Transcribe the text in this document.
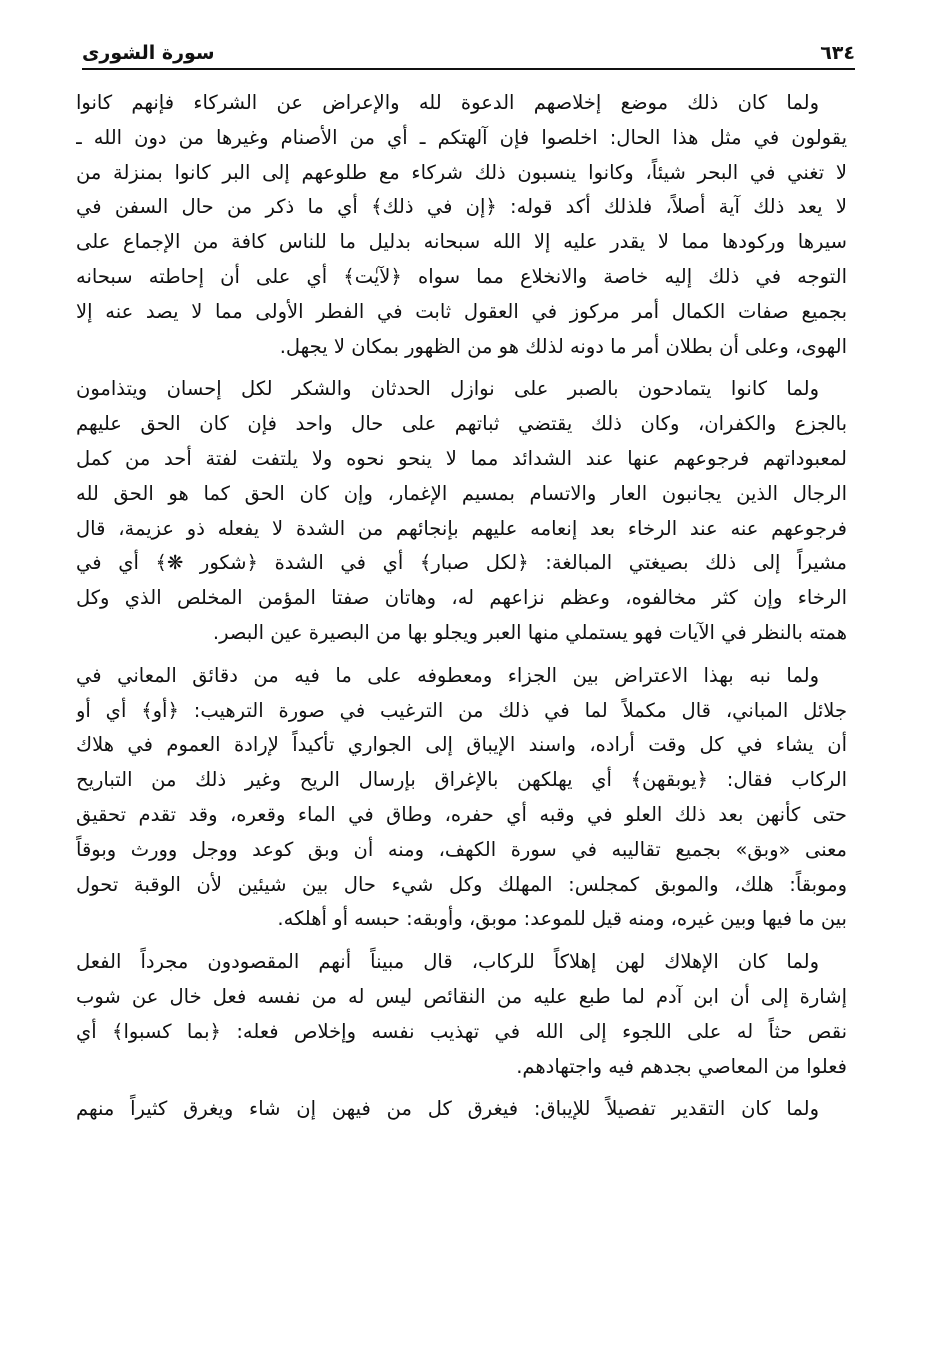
٦٣٤
سورة الشورى
ولما كان ذلك موضع إخلاصهم الدعوة لله والإعراض عن الشركاء فإنهم كانوا
يقولون في مثل هذا الحال: اخلصوا فإن آلهتكم ـ أي من الأصنام وغيرها من دون الله ـ
لا تغني في البحر شيئاً، وكانوا ينسبون ذلك شركاء مع طلوعهم إلى البر كانوا بمنزلة من
لا يعد ذلك آية أصلاً، فلذلك أكد قوله: ﴿إن في ذلك﴾ أي ما ذكر من حال السفن في
سيرها وركودها مما لا يقدر عليه إلا الله سبحانه بدليل ما للناس كافة من الإجماع على
التوجه في ذلك إليه خاصة والانخلاع مما سواه ﴿لآيٰت﴾ أي على أن إحاطته سبحانه
بجميع صفات الكمال أمر مركوز في العقول ثابت في الفطر الأولى مما لا يصد عنه إلا
الهوى، وعلى أن بطلان أمر ما دونه لذلك هو من الظهور بمكان لا يجهل.
ولما كانوا يتمادحون بالصبر على نوازل الحدثان والشكر لكل إحسان ويتذامون
بالجزع والكفران، وكان ذلك يقتضي ثباتهم على حال واحد فإن كان الحق عليهم
لمعبوداتهم فرجوعهم عنها عند الشدائد مما لا ينحو نحوه ولا يلتفت لفتة أحد من كمل
الرجال الذين يجانبون العار والاتسام بمسيم الإغمار، وإن كان الحق كما هو الحق لله
فرجوعهم عنه عند الرخاء بعد إنعامه عليهم بإنجائهم من الشدة لا يفعله ذو عزيمة، قال
مشيراً إلى ذلك بصيغتي المبالغة: ﴿لكل صبار﴾ أي في الشدة ﴿شكور ❋﴾ أي في
الرخاء وإن كثر مخالفوه، وعظم نزاعهم له، وهاتان صفتا المؤمن المخلص الذي وكل
همته بالنظر في الآيات فهو يستملي منها العبر ويجلو بها من البصيرة عين البصر.
ولما نبه بهذا الاعتراض بين الجزاء ومعطوفه على ما فيه من دقائق المعاني في
جلائل المباني، قال مكملاً لما في ذلك من الترغيب في صورة الترهيب: ﴿أو﴾ أي أو
أن يشاء في كل وقت أراده، واسند الإيباق إلى الجواري تأكيداً لإرادة العموم في هلاك
الركاب فقال: ﴿يوبقهن﴾ أي يهلكهن بالإغراق بإرسال الريح وغير ذلك من التباريح
حتى كأنهن بعد ذلك العلو في وقبه أي حفره، وطاق في الماء وقعره، وقد تقدم تحقيق
معنى «وبق» بجميع تقاليبه في سورة الكهف، ومنه أن وبق كوعد ووجل وورث وبوقاً
وموبقاً: هلك، والموبق كمجلس: المهلك وكل شيء حال بين شيئين لأن الوقبة تحول
بين ما فيها وبين غيره، ومنه قيل للموعد: موبق، وأوبقه: حبسه أو أهلكه.
ولما كان الإهلاك لهن إهلاكاً للركاب، قال مبيناً أنهم المقصودون مجرداً الفعل
إشارة إلى أن ابن آدم لما طبع عليه من النقائص ليس له من نفسه فعل خال عن شوب
نقص حثاً له على اللجوء إلى الله في تهذيب نفسه وإخلاص فعله: ﴿بما كسبوا﴾ أي
فعلوا من المعاصي بجدهم فيه واجتهادهم.
ولما كان التقدير تفصيلاً للإيباق: فيغرق كل من فيهن إن شاء ويغرق كثيراً منهم
